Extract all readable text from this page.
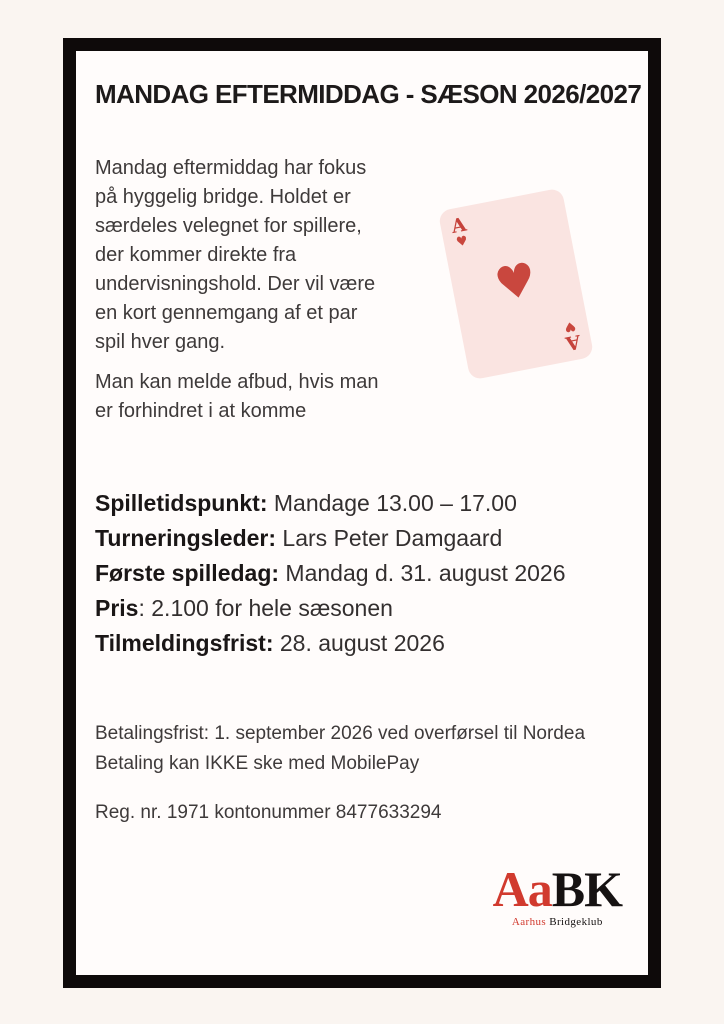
MANDAG EFTERMIDDAG - SÆSON 2026/2027
Mandag eftermiddag har fokus
på hyggelig bridge. Holdet er
særdeles velegnet for spillere,
der kommer direkte fra
undervisningshold. Der vil være
en kort gennemgang af et par
spil hver gang.
Man kan melde afbud, hvis man
er forhindret i at komme
Spilletidspunkt: Mandage 13.00 – 17.00
Turneringsleder: Lars Peter Damgaard
Første spilledag: Mandag d. 31. august 2026
Pris: 2.100 for hele sæsonen
Tilmeldingsfrist: 28. august 2026
Betalingsfrist: 1. september 2026 ved overførsel til Nordea
Betaling kan IKKE ske med MobilePay
Reg. nr. 1971 kontonummer 8477633294
A
♥
♥
A
♥
AaBK
Aarhus Bridgeklub
